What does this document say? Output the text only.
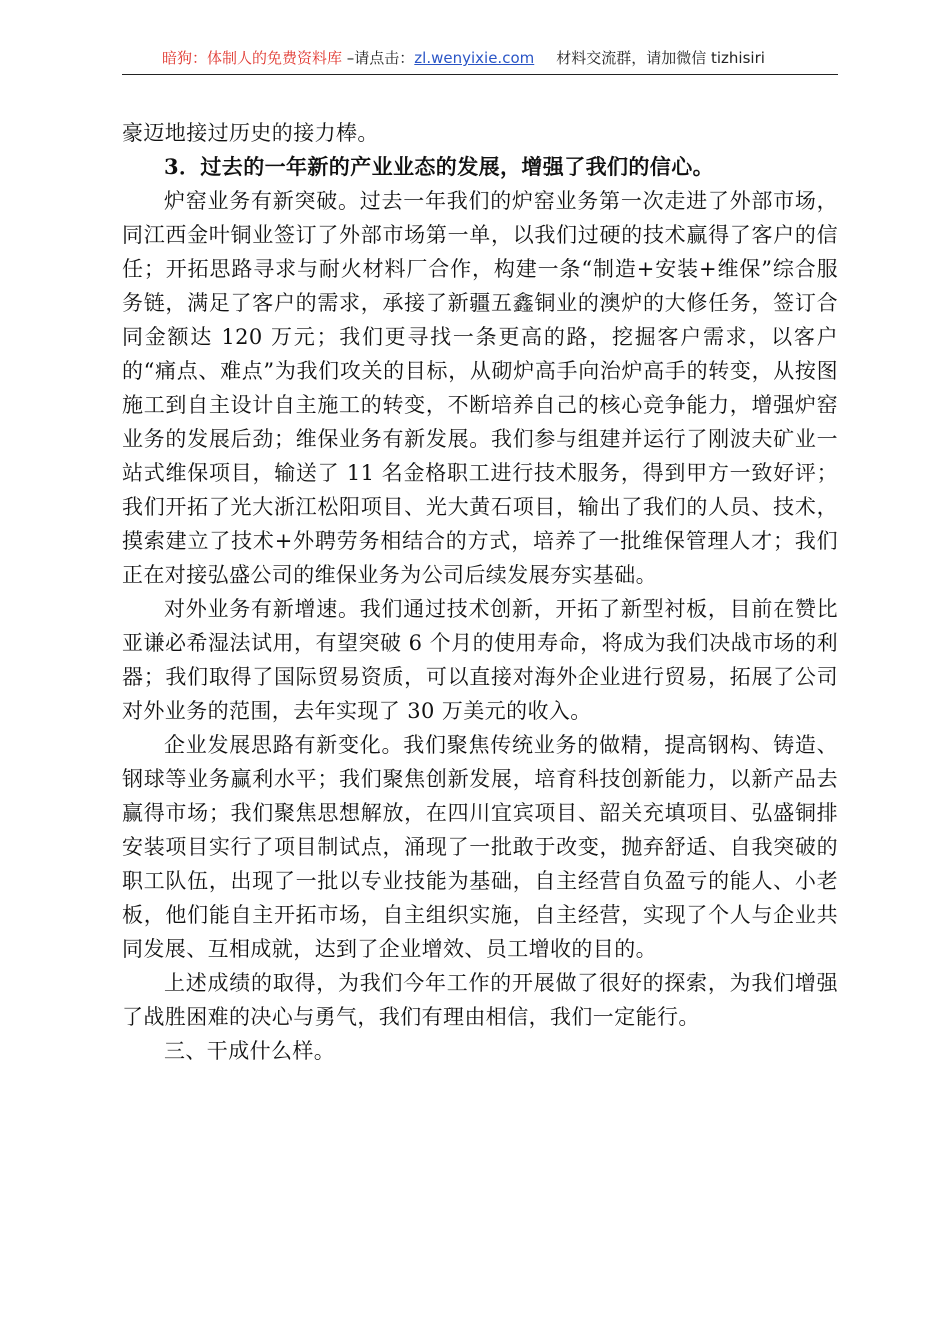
暗狗：体制人的免费资料库 –请点击：zl.wenyixie.com 材料交流群，请加微信 tizhisiri

豪迈地接过历史的接力棒。

3．过去的一年新的产业业态的发展，增强了我们的信心。

炉窑业务有新突破。过去一年我们的炉窑业务第一次走进了外部市场，同江西金叶铜业签订了外部市场第一单，以我们过硬的技术赢得了客户的信任；开拓思路寻求与耐火材料厂合作，构建一条“制造+安装+维保”综合服务链，满足了客户的需求，承接了新疆五鑫铜业的澳炉的大修任务，签订合同金额达 120 万元；我们更寻找一条更高的路，挖掘客户需求，以客户的“痛点、难点”为我们攻关的目标，从砌炉高手向治炉高手的转变，从按图施工到自主设计自主施工的转变，不断培养自己的核心竞争能力，增强炉窑业务的发展后劲；维保业务有新发展。我们参与组建并运行了刚波夫矿业一站式维保项目，输送了 11 名金格职工进行技术服务，得到甲方一致好评；我们开拓了光大浙江松阳项目、光大黄石项目，输出了我们的人员、技术，摸索建立了技术+外聘劳务相结合的方式，培养了一批维保管理人才；我们正在对接弘盛公司的维保业务为公司后续发展夯实基础。

对外业务有新增速。我们通过技术创新，开拓了新型衬板，目前在赞比亚谦必希湿法试用，有望突破 6 个月的使用寿命，将成为我们决战市场的利器；我们取得了国际贸易资质，可以直接对海外企业进行贸易，拓展了公司对外业务的范围，去年实现了 30 万美元的收入。

企业发展思路有新变化。我们聚焦传统业务的做精，提高钢构、铸造、钢球等业务赢利水平；我们聚焦创新发展，培育科技创新能力，以新产品去赢得市场；我们聚焦思想解放，在四川宜宾项目、韶关充填项目、弘盛铜排安装项目实行了项目制试点，涌现了一批敢于改变，抛弃舒适、自我突破的职工队伍，出现了一批以专业技能为基础，自主经营自负盈亏的能人、小老板，他们能自主开拓市场，自主组织实施，自主经营，实现了个人与企业共同发展、互相成就，达到了企业增效、员工增收的目的。

上述成绩的取得，为我们今年工作的开展做了很好的探索，为我们增强了战胜困难的决心与勇气，我们有理由相信，我们一定能行。

三、干成什么样。
